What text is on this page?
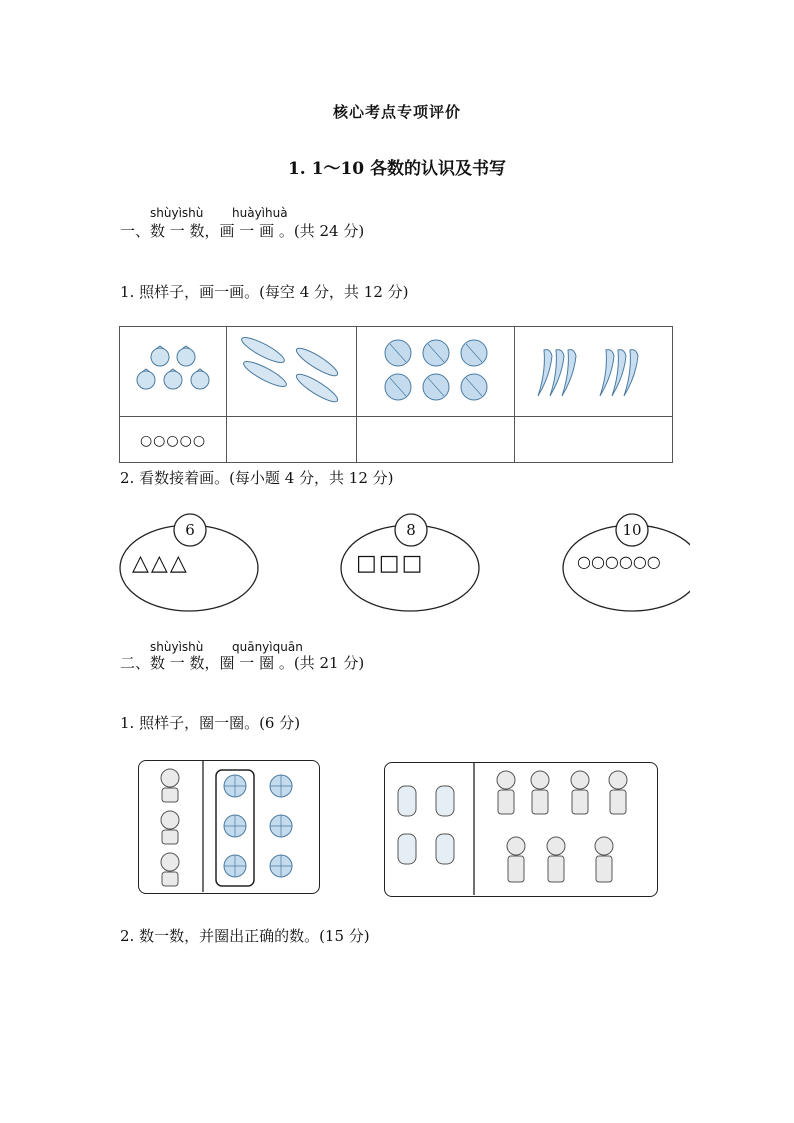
核心考点专项评价
1. 1～10 各数的认识及书写
shùyìshù huàyìhuà
一、数 一 数，画 一 画 。(共 24 分)
1. 照样子，画一画。(每空 4 分，共 12 分)

○○○○○			
2. 看数接着画。(每小题 4 分，共 12 分)
6	8	10
△△△	□□□	○○○○○○
shùyìshù quānyìquān
二、数 一 数，圈 一 圈 。(共 21 分)
1. 照样子，圈一圈。(6 分)
2. 数一数，并圈出正确的数。(15 分)
